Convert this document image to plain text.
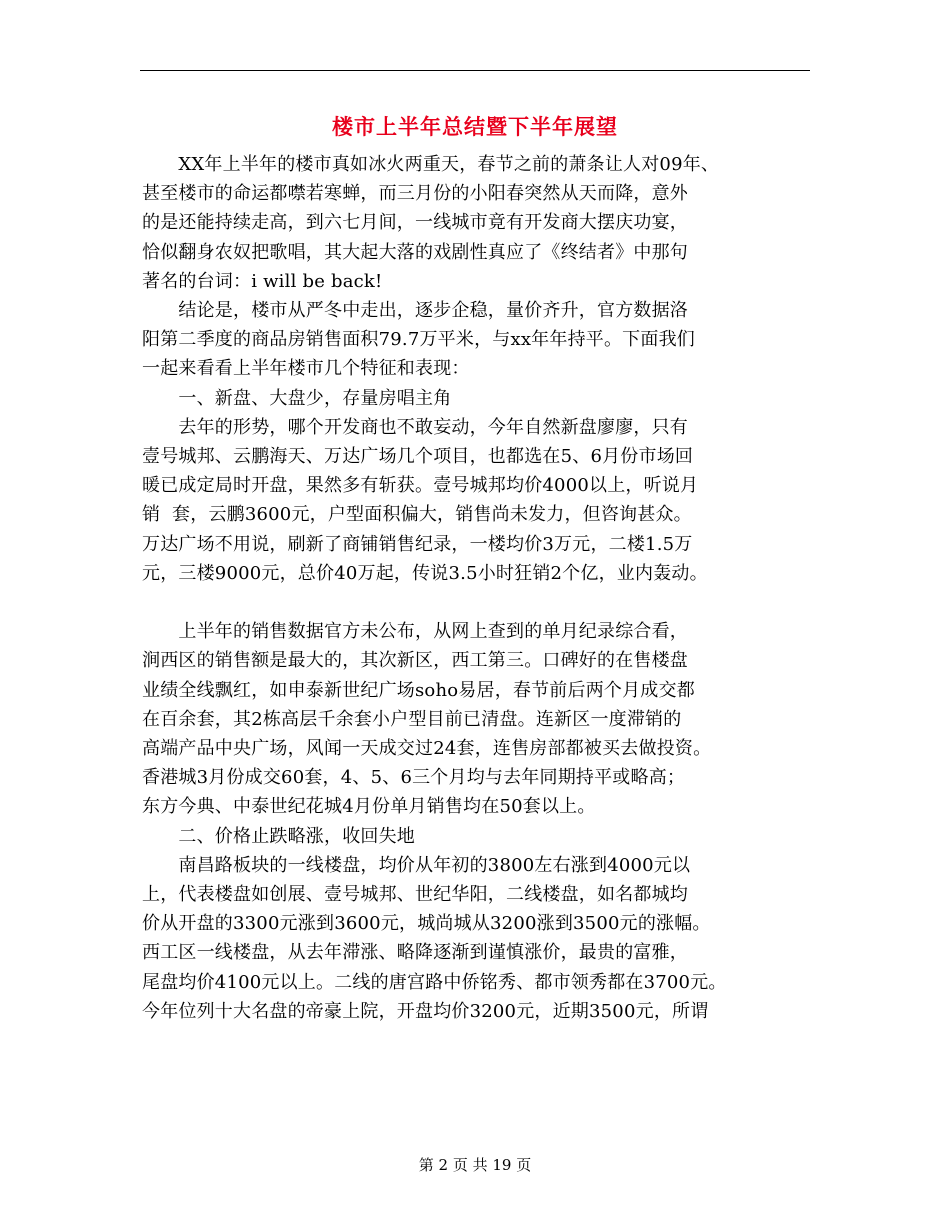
楼市上半年总结暨下半年展望
　　XX年上半年的楼市真如冰火两重天，春节之前的萧条让人对09年、
甚至楼市的命运都噤若寒蝉，而三月份的小阳春突然从天而降，意外
的是还能持续走高，到六七月间，一线城市竟有开发商大摆庆功宴，
恰似翻身农奴把歌唱，其大起大落的戏剧性真应了《终结者》中那句
著名的台词：i will be back!
　　结论是，楼市从严冬中走出，逐步企稳，量价齐升，官方数据洛
阳第二季度的商品房销售面积79.7万平米，与xx年年持平。下面我们
一起来看看上半年楼市几个特征和表现：
　　一、新盘、大盘少，存量房唱主角
　　去年的形势，哪个开发商也不敢妄动，今年自然新盘廖廖，只有
壹号城邦、云鹏海天、万达广场几个项目，也都选在5、6月份市场回
暖已成定局时开盘，果然多有斩获。壹号城邦均价4000以上，听说月
销  套，云鹏3600元，户型面积偏大，销售尚未发力，但咨询甚众。
万达广场不用说，刷新了商铺销售纪录，一楼均价3万元，二楼1.5万
元，三楼9000元，总价40万起，传说3.5小时狂销2个亿，业内轰动。
　　上半年的销售数据官方未公布，从网上查到的单月纪录综合看，
涧西区的销售额是最大的，其次新区，西工第三。口碑好的在售楼盘
业绩全线飘红，如申泰新世纪广场soho易居，春节前后两个月成交都
在百余套，其2栋高层千余套小户型目前已清盘。连新区一度滞销的
高端产品中央广场，风闻一天成交过24套，连售房部都被买去做投资。
香港城3月份成交60套，4、5、6三个月均与去年同期持平或略高；
东方今典、中泰世纪花城4月份单月销售均在50套以上。
　　二、价格止跌略涨，收回失地
　　南昌路板块的一线楼盘，均价从年初的3800左右涨到4000元以
上，代表楼盘如创展、壹号城邦、世纪华阳，二线楼盘，如名都城均
价从开盘的3300元涨到3600元，城尚城从3200涨到3500元的涨幅。
西工区一线楼盘，从去年滞涨、略降逐渐到谨慎涨价，最贵的富雅，
尾盘均价4100元以上。二线的唐宫路中侨铭秀、都市领秀都在3700元。
今年位列十大名盘的帝豪上院，开盘均价3200元，近期3500元，所谓
第 2 页 共 19 页
